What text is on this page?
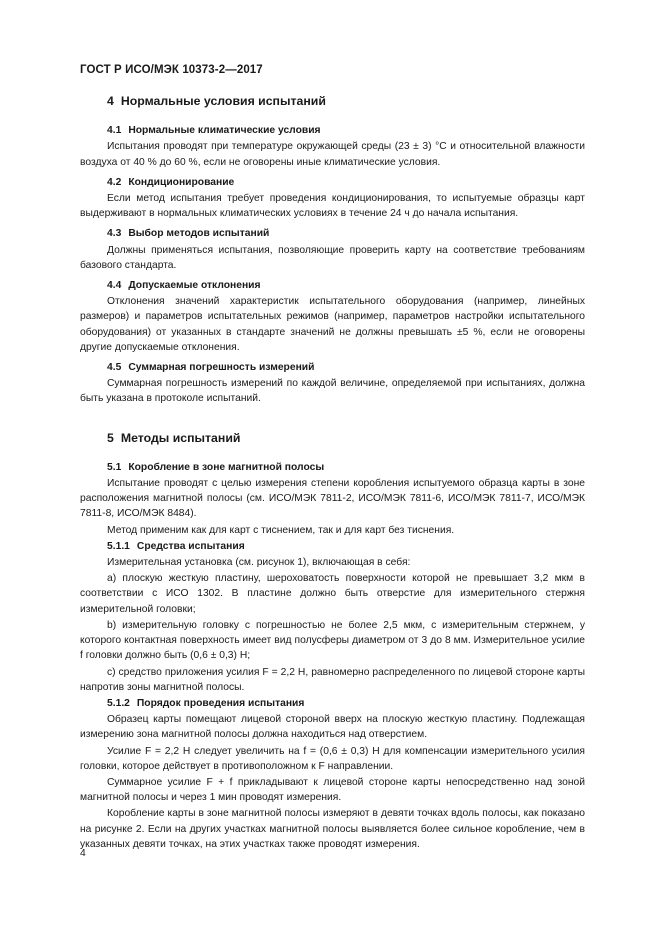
ГОСТ Р ИСО/МЭК 10373-2—2017
4 Нормальные условия испытаний
4.1 Нормальные климатические условия

Испытания проводят при температуре окружающей среды (23 ± 3) °C и относительной влажности воздуха от 40 % до 60 %, если не оговорены иные климатические условия.

4.2 Кондиционирование

Если метод испытания требует проведения кондиционирования, то испытуемые образцы карт выдерживают в нормальных климатических условиях в течение 24 ч до начала испытания.

4.3 Выбор методов испытаний

Должны применяться испытания, позволяющие проверить карту на соответствие требованиям базового стандарта.

4.4 Допускаемые отклонения

Отклонения значений характеристик испытательного оборудования (например, линейных размеров) и параметров испытательных режимов (например, параметров настройки испытательного оборудования) от указанных в стандарте значений не должны превышать ±5 %, если не оговорены другие допускаемые отклонения.

4.5 Суммарная погрешность измерений

Суммарная погрешность измерений по каждой величине, определяемой при испытаниях, должна быть указана в протоколе испытаний.

5 Методы испытаний
5.1 Коробление в зоне магнитной полосы

Испытание проводят с целью измерения степени коробления испытуемого образца карты в зоне расположения магнитной полосы (см. ИСО/МЭК 7811-2, ИСО/МЭК 7811-6, ИСО/МЭК 7811-7, ИСО/МЭК 7811-8, ИСО/МЭК 8484).

Метод применим как для карт с тиснением, так и для карт без тиснения.

5.1.1 Средства испытания

Измерительная установка (см. рисунок 1), включающая в себя:

а) плоскую жесткую пластину, шероховатость поверхности которой не превышает 3,2 мкм в соответствии с ИСО 1302. В пластине должно быть отверстие для измерительного стержня измерительной головки;

b) измерительную головку с погрешностью не более 2,5 мкм, с измерительным стержнем, у которого контактная поверхность имеет вид полусферы диаметром от 3 до 8 мм. Измерительное усилие f головки должно быть (0,6 ± 0,3) Н;

с) средство приложения усилия F = 2,2 Н, равномерно распределенного по лицевой стороне карты напротив зоны магнитной полосы.

5.1.2 Порядок проведения испытания

Образец карты помещают лицевой стороной вверх на плоскую жесткую пластину. Подлежащая измерению зона магнитной полосы должна находиться над отверстием.

Усилие F = 2,2 Н следует увеличить на f = (0,6 ± 0,3) Н для компенсации измерительного усилия головки, которое действует в противоположном к F направлении.

Суммарное усилие F + f прикладывают к лицевой стороне карты непосредственно над зоной магнитной полосы и через 1 мин проводят измерения.

Коробление карты в зоне магнитной полосы измеряют в девяти точках вдоль полосы, как показано на рисунке 2. Если на других участках магнитной полосы выявляется более сильное коробление, чем в указанных девяти точках, на этих участках также проводят измерения.

4
